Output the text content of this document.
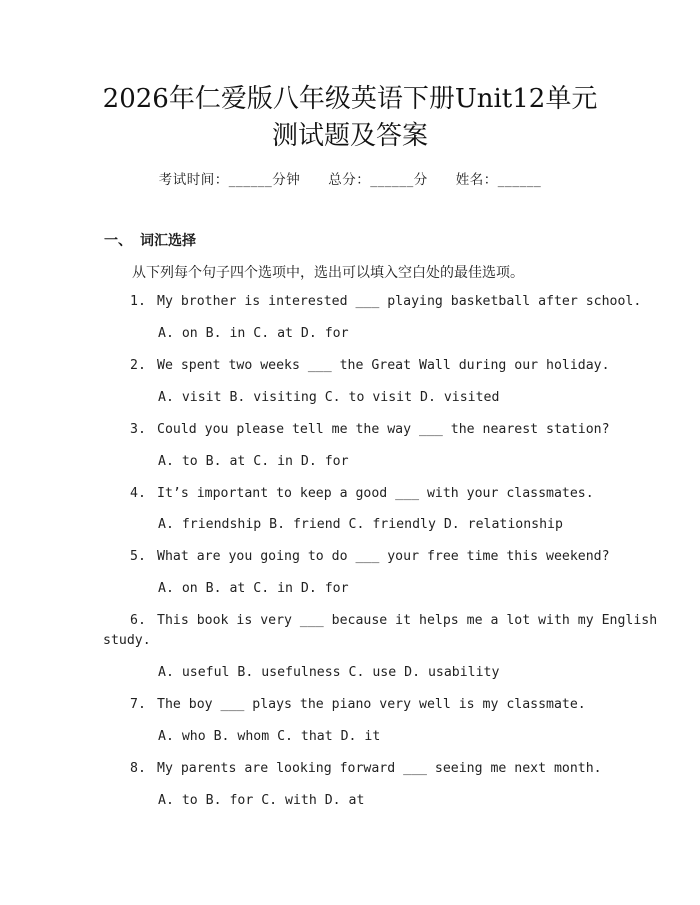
2026年仁爱版八年级英语下册Unit12单元
测试题及答案
考试时间：______分钟 总分：______分 姓名：______
一、 词汇选择
从下列每个句子四个选项中，选出可以填入空白处的最佳选项。
1. My brother is interested ___ playing basketball after school.
A. on B. in C. at D. for
2. We spent two weeks ___ the Great Wall during our holiday.
A. visit B. visiting C. to visit D. visited
3. Could you please tell me the way ___ the nearest station?
A. to B. at C. in D. for
4. It’s important to keep a good ___ with your classmates.
A. friendship B. friend C. friendly D. relationship
5. What are you going to do ___ your free time this weekend?
A. on B. at C. in D. for
6. This book is very ___ because it helps me a lot with my English
study.
A. useful B. usefulness C. use D. usability
7. The boy ___ plays the piano very well is my classmate.
A. who B. whom C. that D. it
8. My parents are looking forward ___ seeing me next month.
A. to B. for C. with D. at
